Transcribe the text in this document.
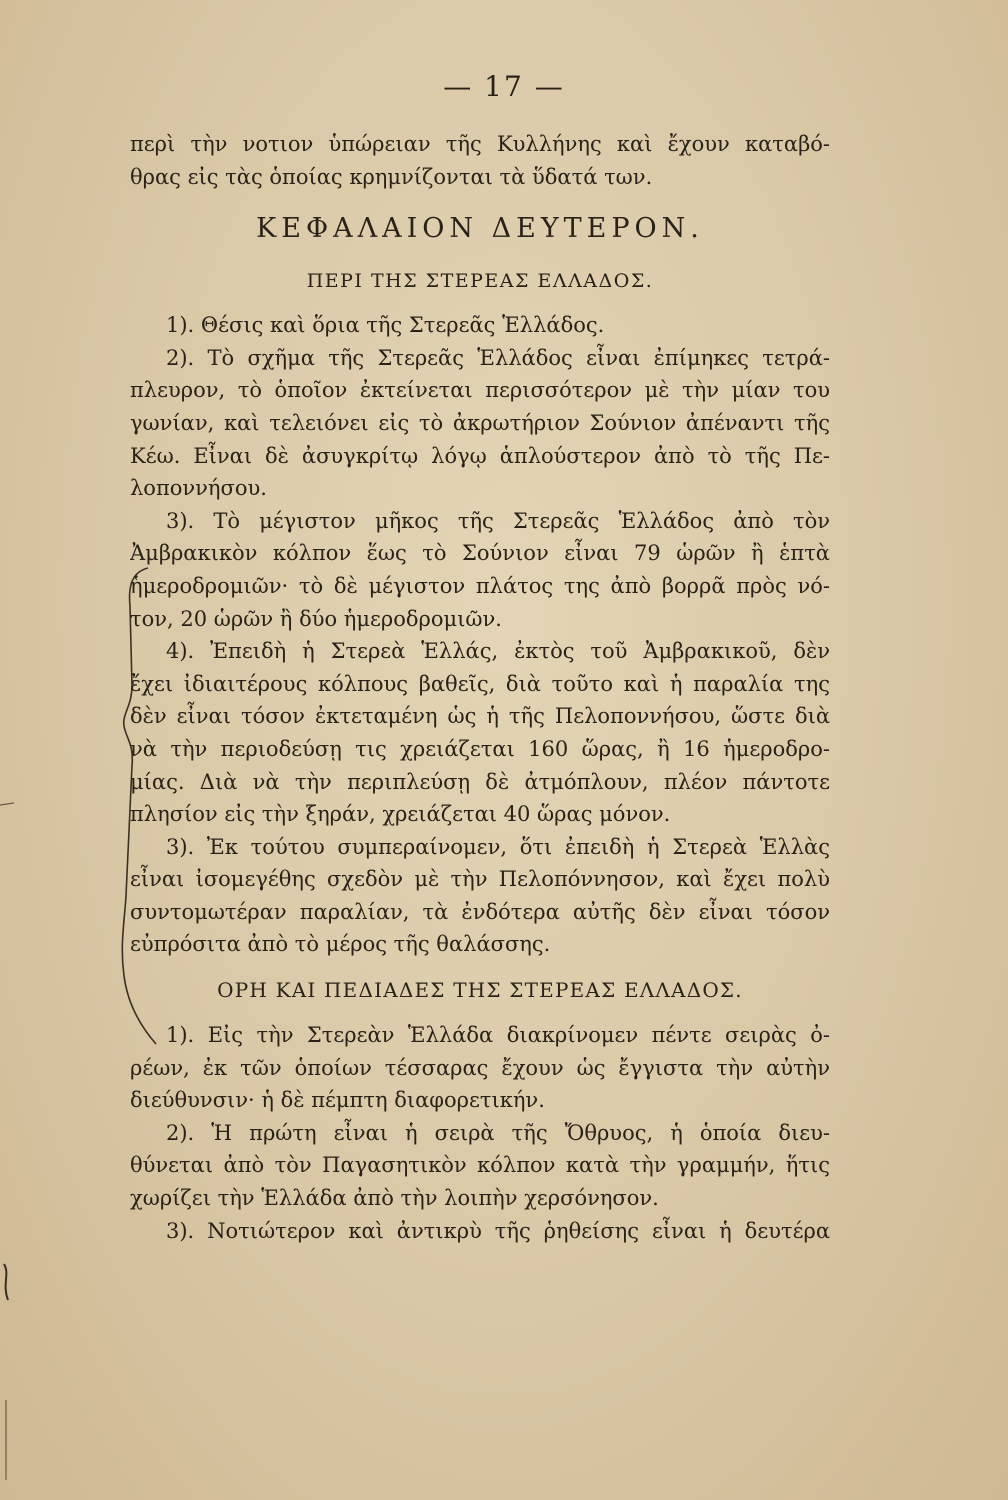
— 17 —
περὶ τὴν νοτιον ὑπώρειαν τῆς Κυλλήνης καὶ ἔχουν καταβό-
θρας εἰς τὰς ὁποίας κρημνίζονται τὰ ὕδατά των.
ΚΕΦΑΛΑΙΟΝ ΔΕΥΤΕΡΟΝ.
ΠΕΡΙ ΤΗΣ ΣΤΕΡΕΑΣ ΕΛΛΑΔΟΣ.
1). Θέσις καὶ ὅρια τῆς Στερεᾶς Ἑλλάδος.
2). Τὸ σχῆμα τῆς Στερεᾶς Ἑλλάδος εἶναι ἐπίμηκες τετρά-
πλευρον, τὸ ὁποῖον ἐκτείνεται περισσότερον μὲ τὴν μίαν του
γωνίαν, καὶ τελειόνει εἰς τὸ ἀκρωτήριον Σούνιον ἀπέναντι τῆς
Κέω. Εἶναι δὲ ἀσυγκρίτῳ λόγῳ ἁπλούστερον ἀπὸ τὸ τῆς Πε-
λοποννήσου.
3). Τὸ μέγιστον μῆκος τῆς Στερεᾶς Ἑλλάδος ἀπὸ τὸν
Ἀμβρακικὸν κόλπον ἕως τὸ Σούνιον εἶναι 79 ὡρῶν ἢ ἑπτὰ
ἡμεροδρομιῶν· τὸ δὲ μέγιστον πλάτος της ἀπὸ βορρᾶ πρὸς νό-
τον, 20 ὡρῶν ἢ δύο ἡμεροδρομιῶν.
4). Ἐπειδὴ ἡ Στερεὰ Ἑλλάς, ἐκτὸς τοῦ Ἀμβρακικοῦ, δὲν
ἔχει ἰδιαιτέρους κόλπους βαθεῖς, διὰ τοῦτο καὶ ἡ παραλία της
δὲν εἶναι τόσον ἐκτεταμένη ὡς ἡ τῆς Πελοποννήσου, ὥστε διὰ
νὰ τὴν περιοδεύσῃ τις χρειάζεται 160 ὥρας, ἢ 16 ἡμεροδρο-
μίας. Διὰ νὰ τὴν περιπλεύσῃ δὲ ἀτμόπλουν, πλέον πάντοτε
πλησίον εἰς τὴν ξηράν, χρειάζεται 40 ὥρας μόνον.
3). Ἐκ τούτου συμπεραίνομεν, ὅτι ἐπειδὴ ἡ Στερεὰ Ἑλλὰς
εἶναι ἰσομεγέθης σχεδὸν μὲ τὴν Πελοπόννησον, καὶ ἔχει πολὺ
συντομωτέραν παραλίαν, τὰ ἐνδότερα αὐτῆς δὲν εἶναι τόσον
εὐπρόσιτα ἀπὸ τὸ μέρος τῆς θαλάσσης.
ΟΡΗ ΚΑΙ ΠΕΔΙΑΔΕΣ ΤΗΣ ΣΤΕΡΕΑΣ ΕΛΛΑΔΟΣ.
1). Εἰς τὴν Στερεὰν Ἑλλάδα διακρίνομεν πέντε σειρὰς ὀ-
ρέων, ἐκ τῶν ὁποίων τέσσαρας ἔχουν ὡς ἔγγιστα τὴν αὐτὴν
διεύθυνσιν· ἡ δὲ πέμπτη διαφορετικήν.
2). Ἡ πρώτη εἶναι ἡ σειρὰ τῆς Ὄθρυος, ἡ ὁποία διευ-
θύνεται ἀπὸ τὸν Παγασητικὸν κόλπον κατὰ τὴν γραμμήν, ἥτις
χωρίζει τὴν Ἑλλάδα ἀπὸ τὴν λοιπὴν χερσόνησον.
3). Νοτιώτερον καὶ ἀντικρὺ τῆς ῥηθείσης εἶναι ἡ δευτέρα
